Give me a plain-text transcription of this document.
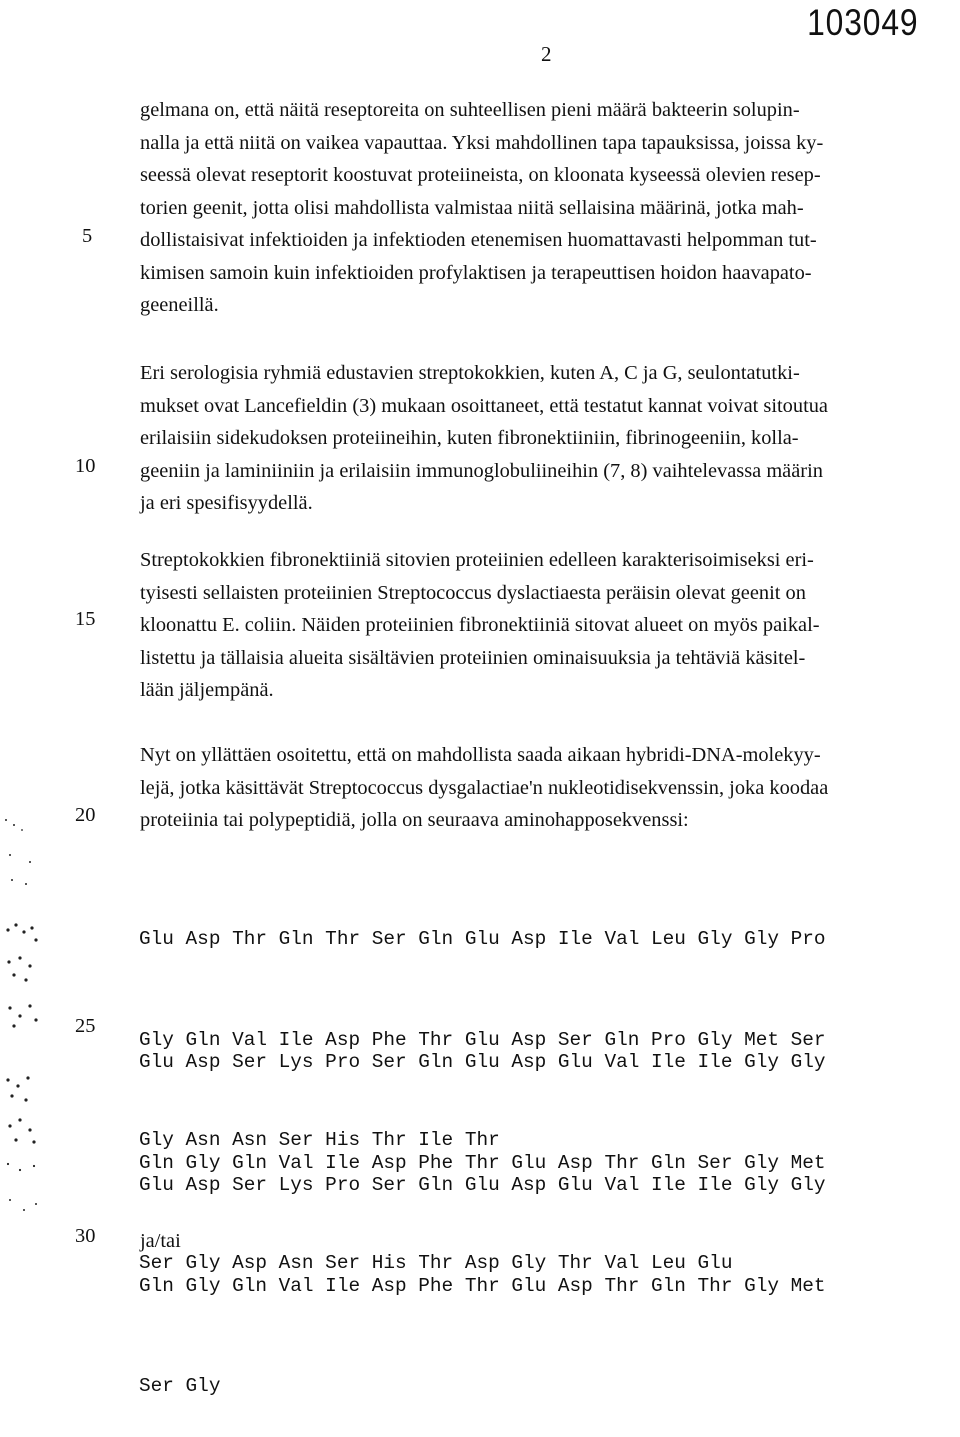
103049
2
gelmana on, että näitä reseptoreita on suhteellisen pieni määrä bakteerin solupin-
nalla ja että niitä on vaikea vapauttaa. Yksi mahdollinen tapa tapauksissa, joissa ky-
seessä olevat reseptorit koostuvat proteiineista, on kloonata kyseessä olevien resep-
torien geenit, jotta olisi mahdollista valmistaa niitä sellaisina määrinä, jotka mah-
dollistaisivat infektioiden ja infektioden etenemisen huomattavasti helpomman tut-
kimisen samoin kuin infektioiden profylaktisen ja terapeuttisen hoidon haavapato-
geeneillä.
Eri serologisia ryhmiä edustavien streptokokkien, kuten A, C ja G, seulontatutki-
mukset ovat Lancefieldin (3) mukaan osoittaneet, että testatut kannat voivat sitoutua
erilaisiin sidekudoksen proteiineihin, kuten fibronektiiniin, fibrinogeeniin, kolla-
geeniin ja laminiiniin ja erilaisiin immunoglobuliineihin (7, 8) vaihtelevassa määrin
ja eri spesifisyydellä.
Streptokokkien fibronektiiniä sitovien proteiinien edelleen karakterisoimiseksi eri-
tyisesti sellaisten proteiinien Streptococcus dyslactiaesta peräisin olevat geenit on
kloonattu E. coliin. Näiden proteiinien fibronektiiniä sitovat alueet on myös paikal-
listettu ja tällaisia alueita sisältävien proteiinien ominaisuuksia ja tehtäviä käsitel-
lään jäljempänä.
Nyt on yllättäen osoitettu, että on mahdollista saada aikaan hybridi-DNA-molekyy-
lejä, jotka käsittävät Streptococcus dysgalactiae'n nukleotidisekvenssin, joka koodaa
proteiinia tai polypeptidiä, jolla on seuraava aminohapposekvenssi:

Glu Asp Thr Gln Thr Ser Gln Glu Asp Ile Val Leu Gly Gly Pro

Gly Gln Val Ile Asp Phe Thr Glu Asp Ser Gln Pro Gly Met Ser

Gly Asn Asn Ser His Thr Ile Thr

Glu Asp Ser Lys Pro Ser Gln Glu Asp Glu Val Ile Ile Gly Gly

Gln Gly Gln Val Ile Asp Phe Thr Glu Asp Thr Gln Ser Gly Met

Ser Gly Asp Asn Ser His Thr Asp Gly Thr Val Leu Glu

Glu Asp Ser Lys Pro Ser Gln Glu Asp Glu Val Ile Ile Gly Gly

Gln Gly Gln Val Ile Asp Phe Thr Glu Asp Thr Gln Thr Gly Met

Ser Gly

ja/tai
5
10
15
20
25
30
